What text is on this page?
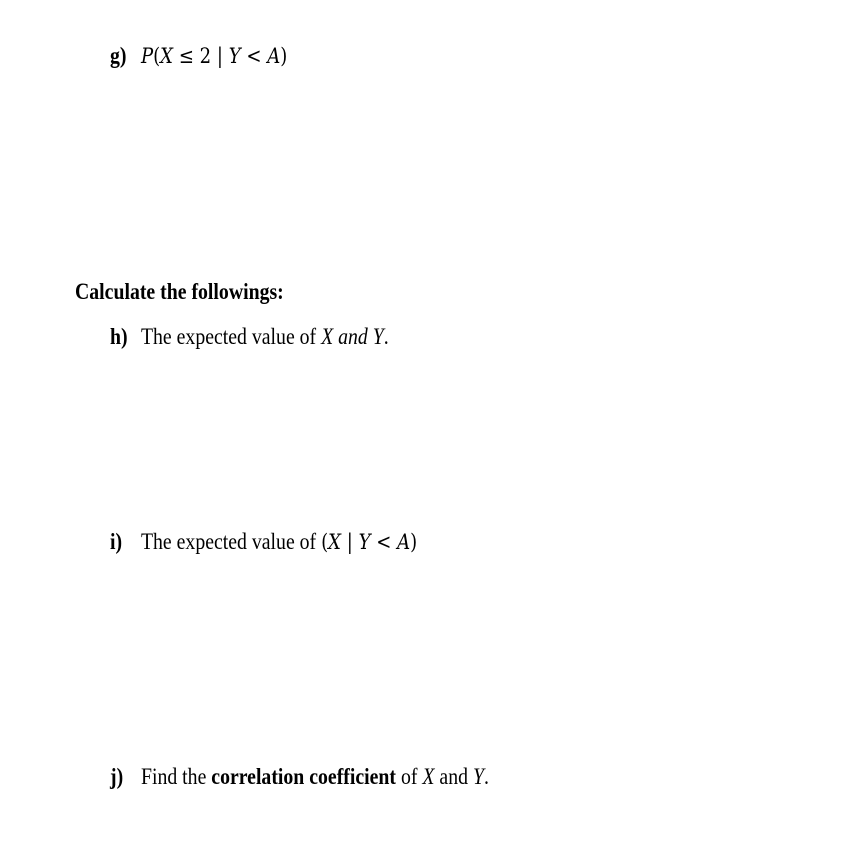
g) P(X ≤ 2 | Y < A)
Calculate the followings:
h) The expected value of X and Y.
i) The expected value of (X | Y < A)
j) Find the correlation coefficient of X and Y.
